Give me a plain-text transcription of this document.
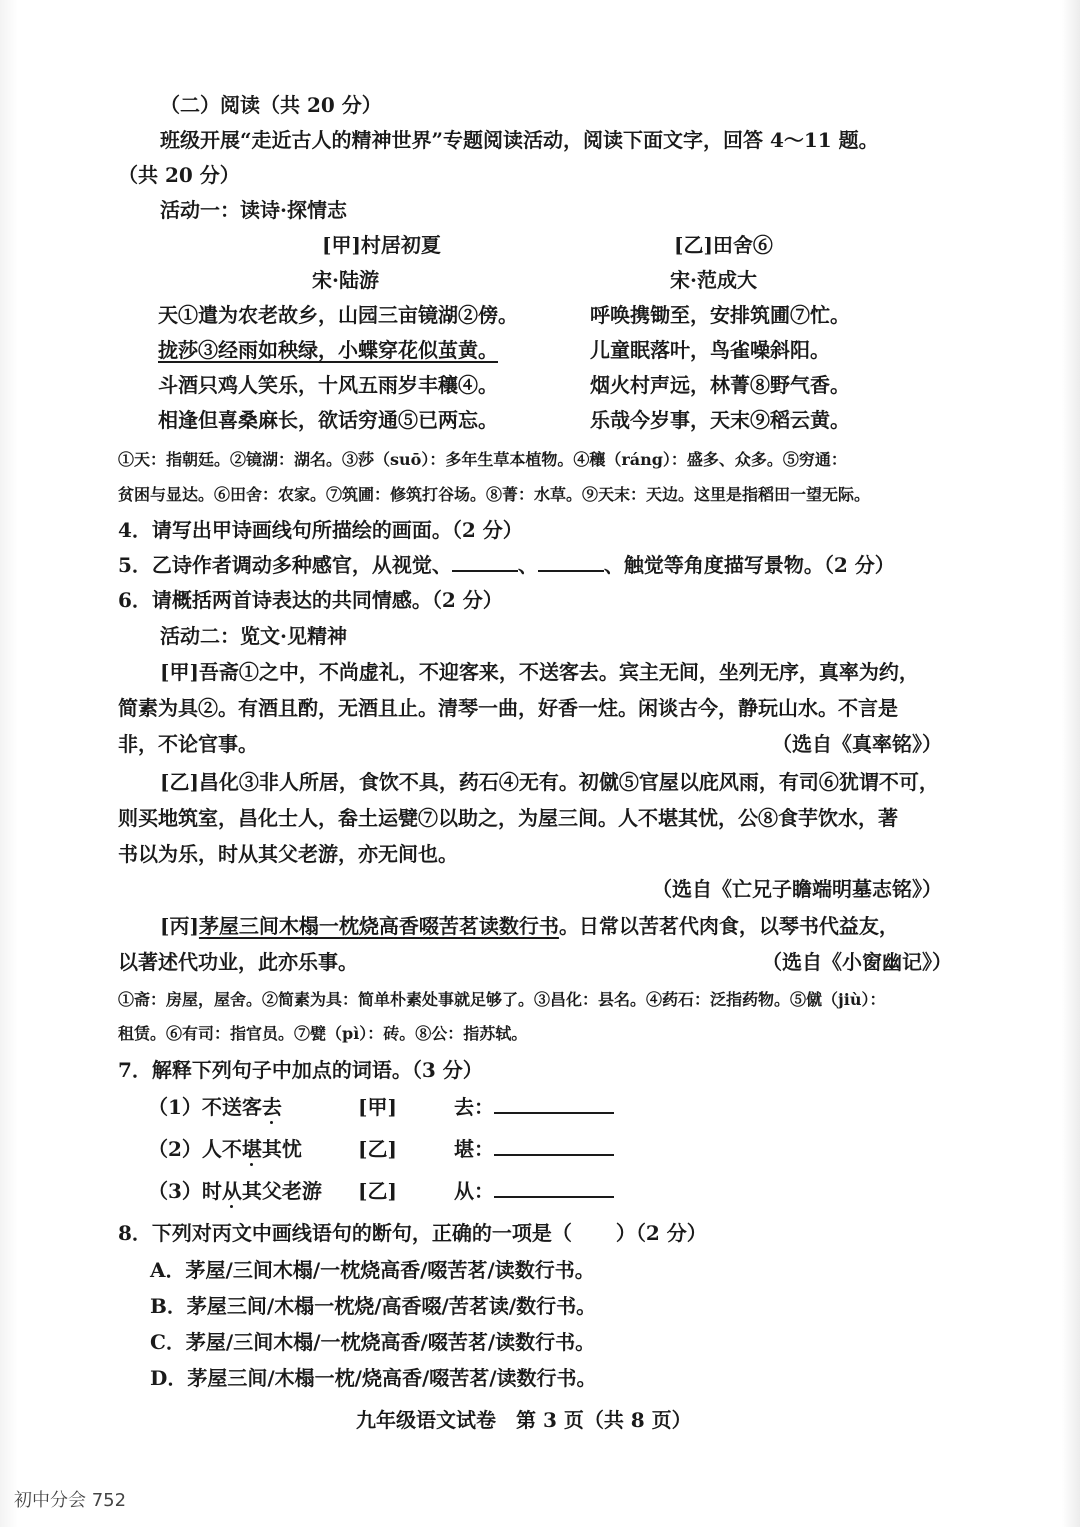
（二）阅读（共 20 分）
班级开展“走近古人的精神世界”专题阅读活动，阅读下面文字，回答 4～11 题。
（共 20 分）
活动一：读诗·探情志
[甲]村居初夏	[乙]田舍⑥
宋·陆游	宋·范成大
天①遣为农老故乡，山园三亩镜湖②傍。
拢莎③经雨如秧绿，小蝶穿花似茧黄。
斗酒只鸡人笑乐，十风五雨岁丰穰④。
相逢但喜桑麻长，欲话穷通⑤已两忘。
呼唤携锄至，安排筑圃⑦忙。
儿童眠落叶，鸟雀噪斜阳。
烟火村声远，林菁⑧野气香。
乐哉今岁事，天末⑨稻云黄。
①天：指朝廷。②镜湖：湖名。③莎（suō）：多年生草本植物。④穰（ráng）：盛多、众多。⑤穷通：
贫困与显达。⑥田舍：农家。⑦筑圃：修筑打谷场。⑧菁：水草。⑨天末：天边。这里是指稻田一望无际。
4．请写出甲诗画线句所描绘的画面。（2 分）
5．乙诗作者调动多种感官，从视觉、	、	、触觉等角度描写景物。（2 分）
6．请概括两首诗表达的共同情感。（2 分）
活动二：览文·见精神
[甲]吾斋①之中，不尚虚礼，不迎客来，不送客去。宾主无间，坐列无序，真率为约，
简素为具②。有酒且酌，无酒且止。清琴一曲，好香一炷。闲谈古今，静玩山水。不言是
非，不论官事。	（选自《真率铭》）
[乙]昌化③非人所居，食饮不具，药石④无有。初僦⑤官屋以庇风雨，有司⑥犹谓不可，
则买地筑室，昌化士人，畚土运甓⑦以助之，为屋三间。人不堪其忧，公⑧食芋饮水，著
书以为乐，时从其父老游，亦无间也。
（选自《亡兄子瞻端明墓志铭》）
[丙]茅屋三间木榻一枕烧高香啜苦茗读数行书。日常以苦茗代肉食，以琴书代益友，
以著述代功业，此亦乐事。	（选自《小窗幽记》）
①斋：房屋，屋舍。②简素为具：简单朴素处事就足够了。③昌化：县名。④药石：泛指药物。⑤僦（jiù）：
租赁。⑥有司：指官员。⑦甓（pì）：砖。⑧公：指苏轼。
7．解释下列句子中加点的词语。（3 分）
（1）不送客去	[甲]	去：
（2）人不堪其忧	[乙]	堪：
（3）时从其父老游 [乙]	从：
8．下列对丙文中画线语句的断句，正确的一项是（ ）（2 分）
A．茅屋/三间木榻/一枕烧高香/啜苦茗/读数行书。
B．茅屋三间/木榻一枕烧/高香啜/苦茗读/数行书。
C．茅屋/三间木榻/一枕烧高香/啜苦茗/读数行书。
D．茅屋三间/木榻一枕/烧高香/啜苦茗/读数行书。
九年级语文试卷　第 3 页（共 8 页）
初中分会 752
